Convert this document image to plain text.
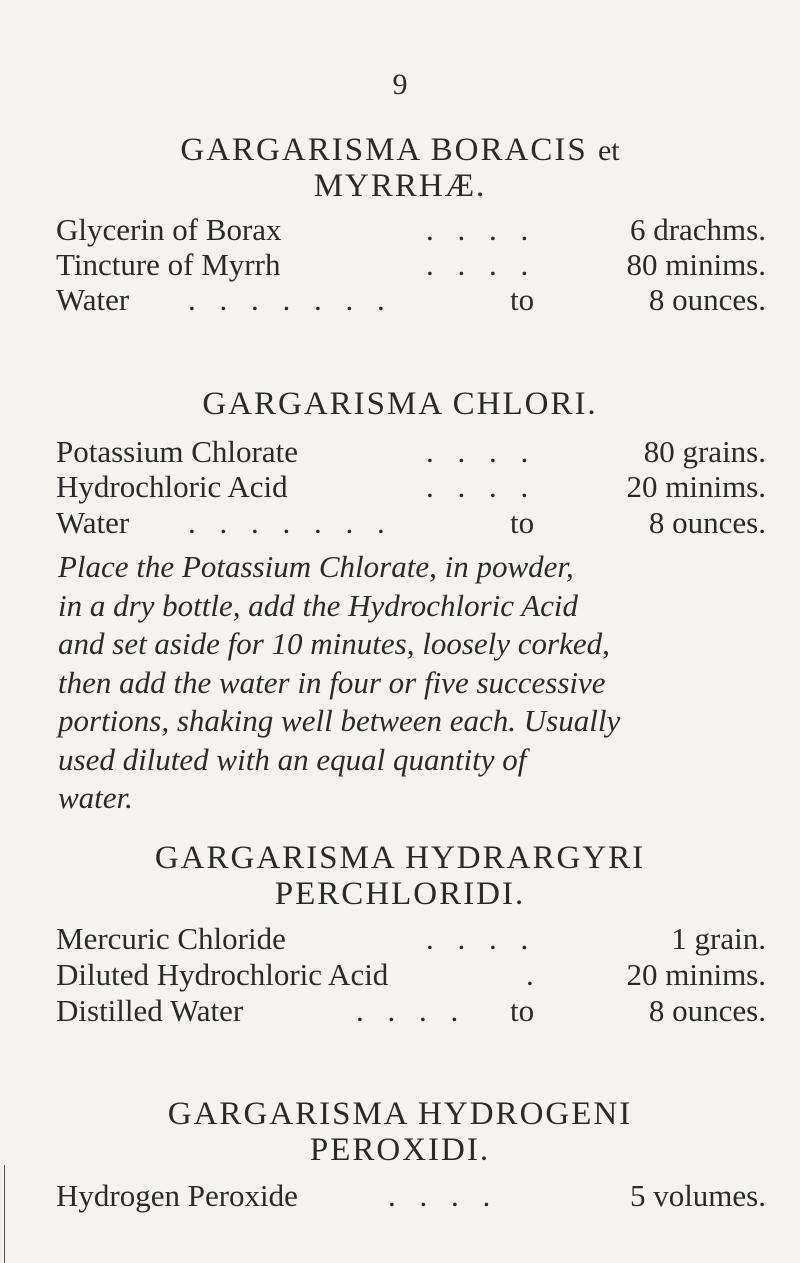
9
GARGARISMA BORACIS et
MYRRHÆ.
Glycerin of Borax	. . . .	6 drachms.
Tincture of Myrrh	. . . .	80 minims.
Water . . . . . . .	to	8 ounces.
GARGARISMA CHLORI.
Potassium Chlorate	. . . .	80 grains.
Hydrochloric Acid	. . . .	20 minims.
Water . . . . . . .	to	8 ounces.
Place the Potassium Chlorate, in powder,
in a dry bottle, add the Hydrochloric Acid
and set aside for 10 minutes, loosely corked,
then add the water in four or five successive
portions, shaking well between each. Usually
used diluted with an equal quantity of
water.
GARGARISMA HYDRARGYRI
PERCHLORIDI.
Mercuric Chloride	. . . .	1 grain.
Diluted Hydrochloric Acid	.	20 minims.
Distilled Water	. . . . to	8 ounces.
GARGARISMA HYDROGENI
PEROXIDI.
Hydrogen Peroxide	. . . .	5 volumes.
